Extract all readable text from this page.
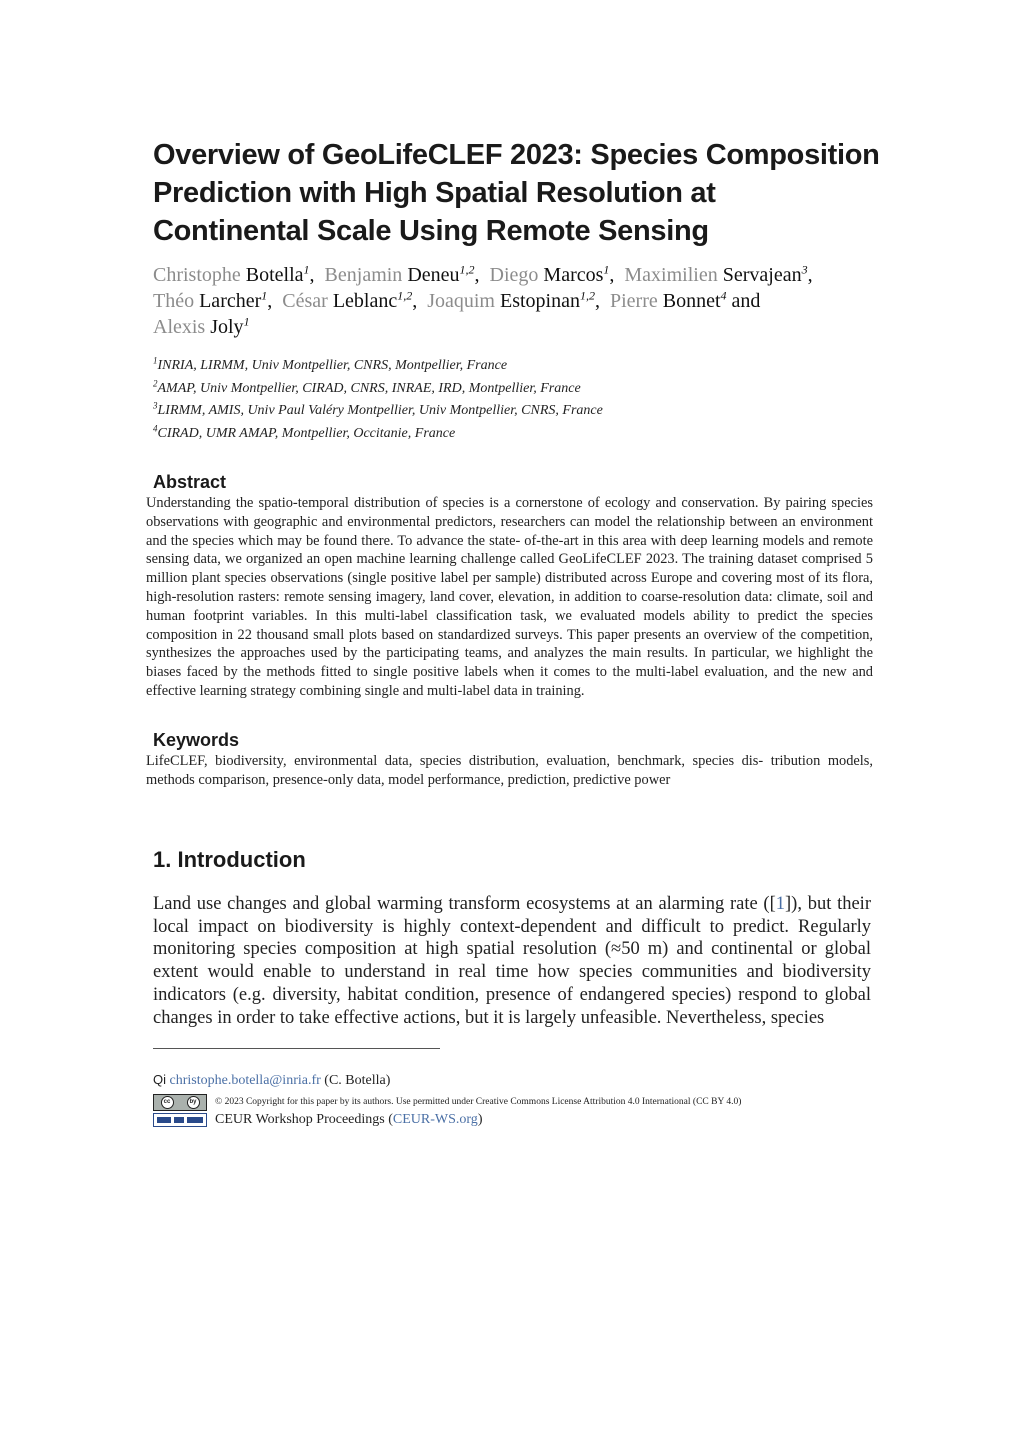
Overview of GeoLifeCLEF 2023: Species Composition
Prediction with High Spatial Resolution at
Continental Scale Using Remote Sensing
Christophe Botella$^1$, Benjamin Deneu$^{1,2}$, Diego Marcos$^1$, Maximilien Servajean$^3$,
Théo Larcher$^1$, César Leblanc$^{1,2}$, Joaquim Estopinan$^{1,2}$, Pierre Bonnet$^4$ and
Alexis Joly$^1$
$^1$INRIA, LIRMM, Univ Montpellier, CNRS, Montpellier, France
$^2$AMAP, Univ Montpellier, CIRAD, CNRS, INRAE, IRD, Montpellier, France
$^3$LIRMM, AMIS, Univ Paul Valéry Montpellier, Univ Montpellier, CNRS, France
$^4$CIRAD, UMR AMAP, Montpellier, Occitanie, France
Abstract
Understanding the spatio-temporal distribution of species is a cornerstone of ecology and conservation. By pairing species observations with geographic and environmental predictors, researchers can model the relationship between an environment and the species which may be found there. To advance the state- of-the-art in this area with deep learning models and remote sensing data, we organized an open machine learning challenge called GeoLifeCLEF 2023. The training dataset comprised 5 million plant species observations (single positive label per sample) distributed across Europe and covering most of its flora, high-resolution rasters: remote sensing imagery, land cover, elevation, in addition to coarse-resolution data: climate, soil and human footprint variables. In this multi-label classification task, we evaluated models ability to predict the species composition in 22 thousand small plots based on standardized surveys. This paper presents an overview of the competition, synthesizes the approaches used by the participating teams, and analyzes the main results. In particular, we highlight the biases faced by the methods fitted to single positive labels when it comes to the multi-label evaluation, and the new and effective learning strategy combining single and multi-label data in training.
Keywords
LifeCLEF, biodiversity, environmental data, species distribution, evaluation, benchmark, species dis- tribution models, methods comparison, presence-only data, model performance, prediction, predictive power
1. Introduction
Land use changes and global warming transform ecosystems at an alarming rate ([1]), but their local impact on biodiversity is highly context-dependent and difficult to predict. Regularly monitoring species composition at high spatial resolution (≈50 m) and continental or global extent would enable to understand in real time how species communities and biodiversity indicators (e.g. diversity, habitat condition, presence of endangered species) respond to global changes in order to take effective actions, but it is largely unfeasible. Nevertheless, species
Qi christophe.botella@inria.fr (C. Botella)
cc	by	© 2023 Copyright for this paper by its authors. Use permitted under Creative Commons License Attribution 4.0 International (CC BY 4.0)
CEUR Workshop Proceedings ( CEUR-WS.org )
